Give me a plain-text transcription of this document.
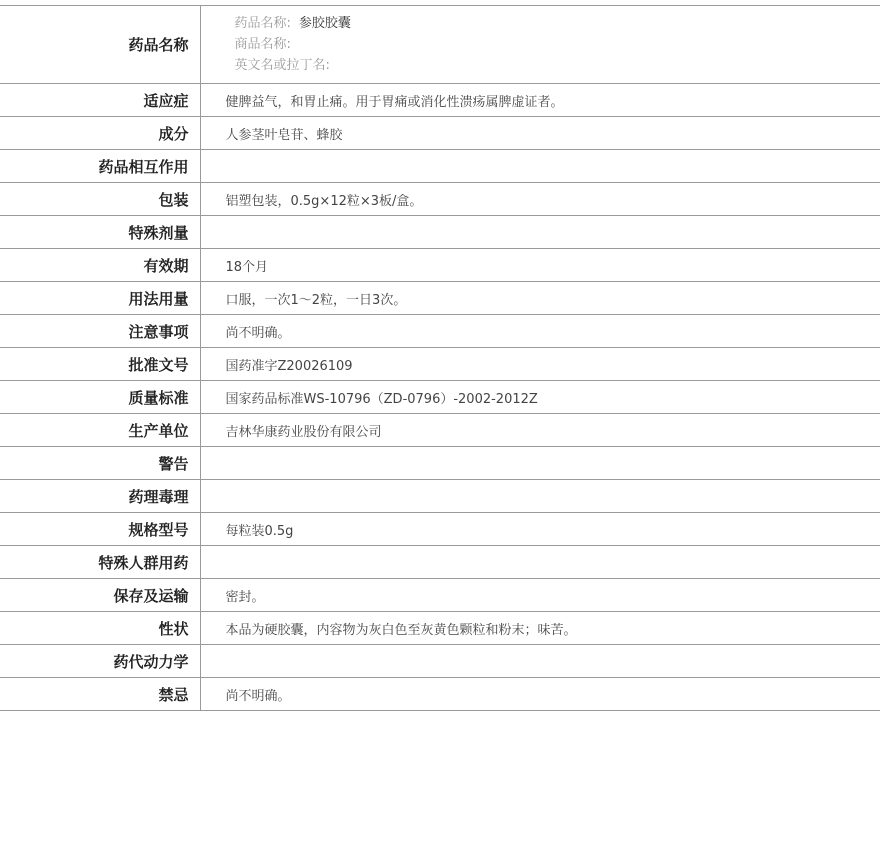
药品名称	药品名称: 参胶胶囊
商品名称:
英文名或拉丁名:

适应症	健脾益气，和胃止痛。用于胃痛或消化性溃疡属脾虚证者。
成分	人参茎叶皂苷、蜂胶
药品相互作用	
包装	铝塑包装，0.5g×12粒×3板/盒。
特殊剂量	
有效期	18个月
用法用量	口服，一次1～2粒，一日3次。
注意事项	尚不明确。
批准文号	国药准字Z20026109
质量标准	国家药品标准WS-10796（ZD-0796）-2002-2012Z
生产单位	吉林华康药业股份有限公司
警告	
药理毒理	
规格型号	每粒装0.5g
特殊人群用药	
保存及运输	密封。
性状	本品为硬胶囊，内容物为灰白色至灰黄色颗粒和粉末；味苦。
药代动力学	
禁忌	尚不明确。
